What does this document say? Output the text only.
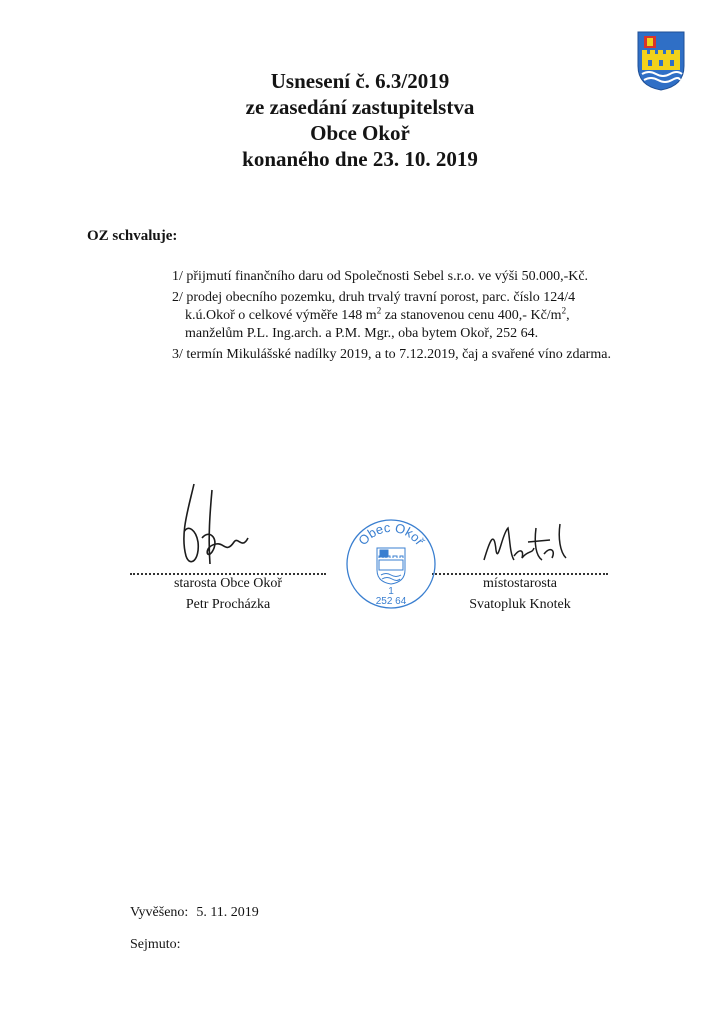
Usnesení č. 6.3/2019
ze zasedání zastupitelstva
Obce Okoř
konaného dne 23. 10. 2019
OZ schvaluje:
1/ přijmutí finančního daru od Společnosti Sebel s.r.o. ve výši 50.000,-Kč.
2/ prodej obecního pozemku, druh trvalý travní porost, parc. číslo 124/4
k.ú.Okoř o celkové výměře 148 $m^2$ za stanovenou cenu 400,- $Kč/m^2$,
manželům P.L. Ing.arch. a P.M. Mgr., oba bytem Okoř, 252 64.
3/ termín Mikulášské nadílky 2019, a to 7.12.2019, čaj a svařené víno zdarma.
starosta Obce Okoř
Petr Procházka
místostarosta
Svatopluk Knotek
Obec Okoř
1
252 64
Vyvěšeno: 5. 11. 2019
Sejmuto:
